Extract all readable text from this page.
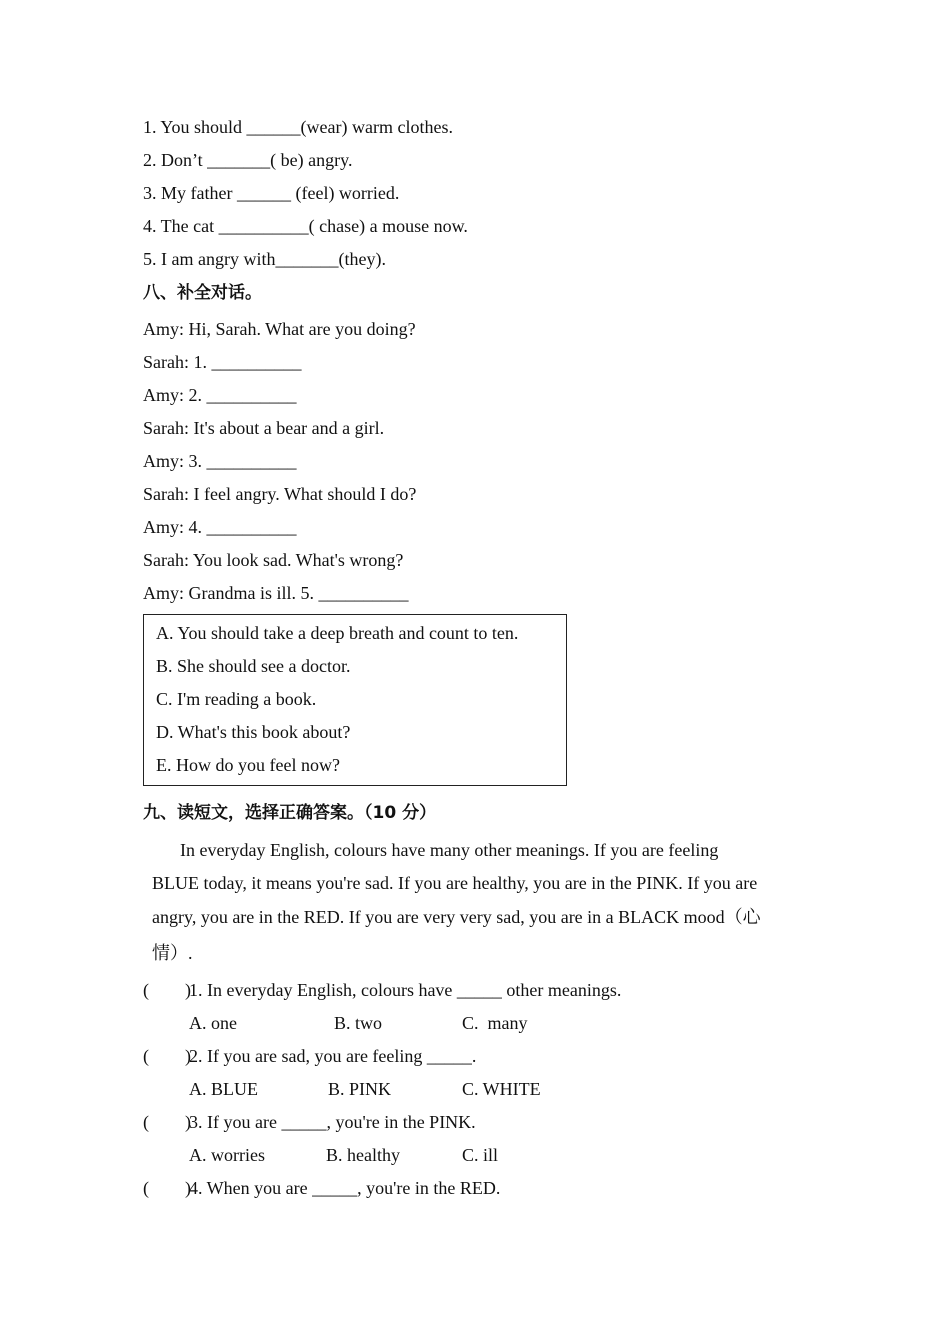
1. You should ______(wear) warm clothes.
2. Don’t _______( be) angry.
3. My father ______ (feel) worried.
4. The cat __________( chase) a mouse now.
5. I am angry with_______(they).
八、补全对话。
Amy: Hi, Sarah. What are you doing?
Sarah: 1. __________
Amy: 2. __________
Sarah: It's about a bear and a girl.
Amy: 3. __________
Sarah: I feel angry. What should I do?
Amy: 4. __________
Sarah: You look sad. What's wrong?
Amy: Grandma is ill. 5. __________
A. You should take a deep breath and count to ten.
B. She should see a doctor.
C. I'm reading a book.
D. What's this book about?
E. How do you feel now?
九、读短文，选择正确答案。（10 分）
In everyday English, colours have many other meanings. If you are feeling
BLUE today, it means you're sad. If you are healthy, you are in the PINK. If you are
angry, you are in the RED. If you are very very sad, you are in a BLACK mood（心
情）.
(        )
1. In everyday English, colours have _____ other meanings.
A. one	B. two	C.  many
(        )
2. If you are sad, you are feeling _____.
A. BLUE	B. PINK	C. WHITE
(        )
3. If you are _____, you're in the PINK.
A. worries	B. healthy	C. ill
(        )
4. When you are _____, you're in the RED.
